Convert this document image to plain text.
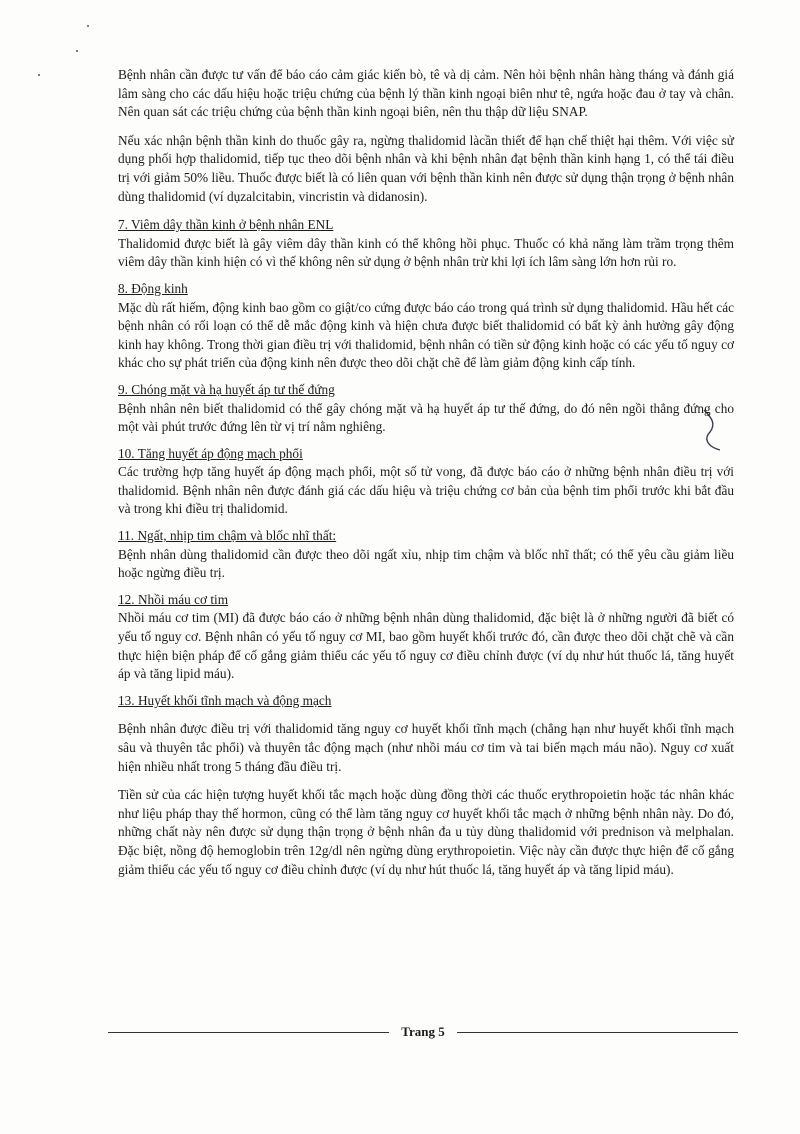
Bệnh nhân cần được tư vấn để báo cáo cảm giác kiến bò, tê và dị cảm. Nên hỏi bệnh nhân hàng tháng và đánh giá lâm sàng cho các dấu hiệu hoặc triệu chứng của bệnh lý thần kinh ngoại biên như tê, ngứa hoặc đau ở tay và chân. Nên quan sát các triệu chứng của bệnh thần kinh ngoại biên, nên thu thập dữ liệu SNAP.

Nếu xác nhận bệnh thần kinh do thuốc gây ra, ngừng thalidomid làcần thiết để hạn chế thiệt hại thêm. Với việc sử dụng phối hợp thalidomid, tiếp tục theo dõi bệnh nhân và khi bệnh nhân đạt bệnh thần kinh hạng 1, có thể tái điều trị với giảm 50% liều. Thuốc được biết là có liên quan với bệnh thần kinh nên được sử dụng thận trọng ở bệnh nhân dùng thalidomid (ví dụzalcitabin, vincristin và didanosin).

7. Viêm dây thần kinh ở bệnh nhân ENL

Thalidomid được biết là gây viêm dây thần kinh có thể không hồi phục. Thuốc có khả năng làm trầm trọng thêm viêm dây thần kinh hiện có vì thế không nên sử dụng ở bệnh nhân trừ khi lợi ích lâm sàng lớn hơn rủi ro.

8. Động kinh

Mặc dù rất hiếm, động kinh bao gồm co giật/co cứng được báo cáo trong quá trình sử dụng thalidomid. Hầu hết các bệnh nhân có rối loạn có thể dễ mắc động kinh và hiện chưa được biết thalidomid có bất kỳ ảnh hưởng gây động kinh hay không. Trong thời gian điều trị với thalidomid, bệnh nhân có tiền sử động kinh hoặc có các yếu tố nguy cơ khác cho sự phát triển của động kinh nên được theo dõi chặt chẽ để làm giảm động kinh cấp tính.

9. Chóng mặt và hạ huyết áp tư thế đứng

Bệnh nhân nên biết thalidomid có thể gây chóng mặt và hạ huyết áp tư thế đứng, do đó nên ngồi thẳng đứng cho một vài phút trước đứng lên từ vị trí nằm nghiêng.

10. Tăng huyết áp động mạch phổi

Các trường hợp tăng huyết áp động mạch phổi, một số tử vong, đã được báo cáo ở những bệnh nhân điều trị với thalidomid. Bệnh nhân nên được đánh giá các dấu hiệu và triệu chứng cơ bản của bệnh tim phổi trước khi bắt đầu và trong khi điều trị thalidomid.

11. Ngất, nhịp tim chậm và blốc nhĩ thất:

Bệnh nhân dùng thalidomid cần được theo dõi ngất xỉu, nhịp tim chậm và blốc nhĩ thất; có thể yêu cầu giảm liều hoặc ngừng điều trị.

12. Nhồi máu cơ tim

Nhồi máu cơ tim (MI) đã được báo cáo ở những bệnh nhân dùng thalidomid, đặc biệt là ở những người đã biết có yếu tố nguy cơ. Bệnh nhân có yếu tố nguy cơ MI, bao gồm huyết khối trước đó, cần được theo dõi chặt chẽ và cần thực hiện biện pháp để cố gắng giảm thiểu các yếu tố nguy cơ điều chỉnh được (ví dụ như hút thuốc lá, tăng huyết áp và tăng lipid máu).

13. Huyết khối tĩnh mạch và động mạch

Bệnh nhân được điều trị với thalidomid tăng nguy cơ huyết khối tĩnh mạch (chẳng hạn như huyết khối tĩnh mạch sâu và thuyên tắc phổi) và thuyên tắc động mạch (như nhồi máu cơ tim và tai biến mạch máu não). Nguy cơ xuất hiện nhiều nhất trong 5 tháng đầu điều trị.

Tiền sử của các hiện tượng huyết khối tắc mạch hoặc dùng đồng thời các thuốc erythropoietin hoặc tác nhân khác như liệu pháp thay thế hormon, cũng có thể làm tăng nguy cơ huyết khối tắc mạch ở những bệnh nhân này. Do đó, những chất này nên được sử dụng thận trọng ở bệnh nhân đa u tủy dùng thalidomid với prednison và melphalan. Đặc biệt, nồng độ hemoglobin trên 12g/dl nên ngừng dùng erythropoietin. Việc này cần được thực hiện để cố gắng giảm thiểu các yếu tố nguy cơ điều chỉnh được (ví dụ như hút thuốc lá, tăng huyết áp và tăng lipid máu).

Trang 5
